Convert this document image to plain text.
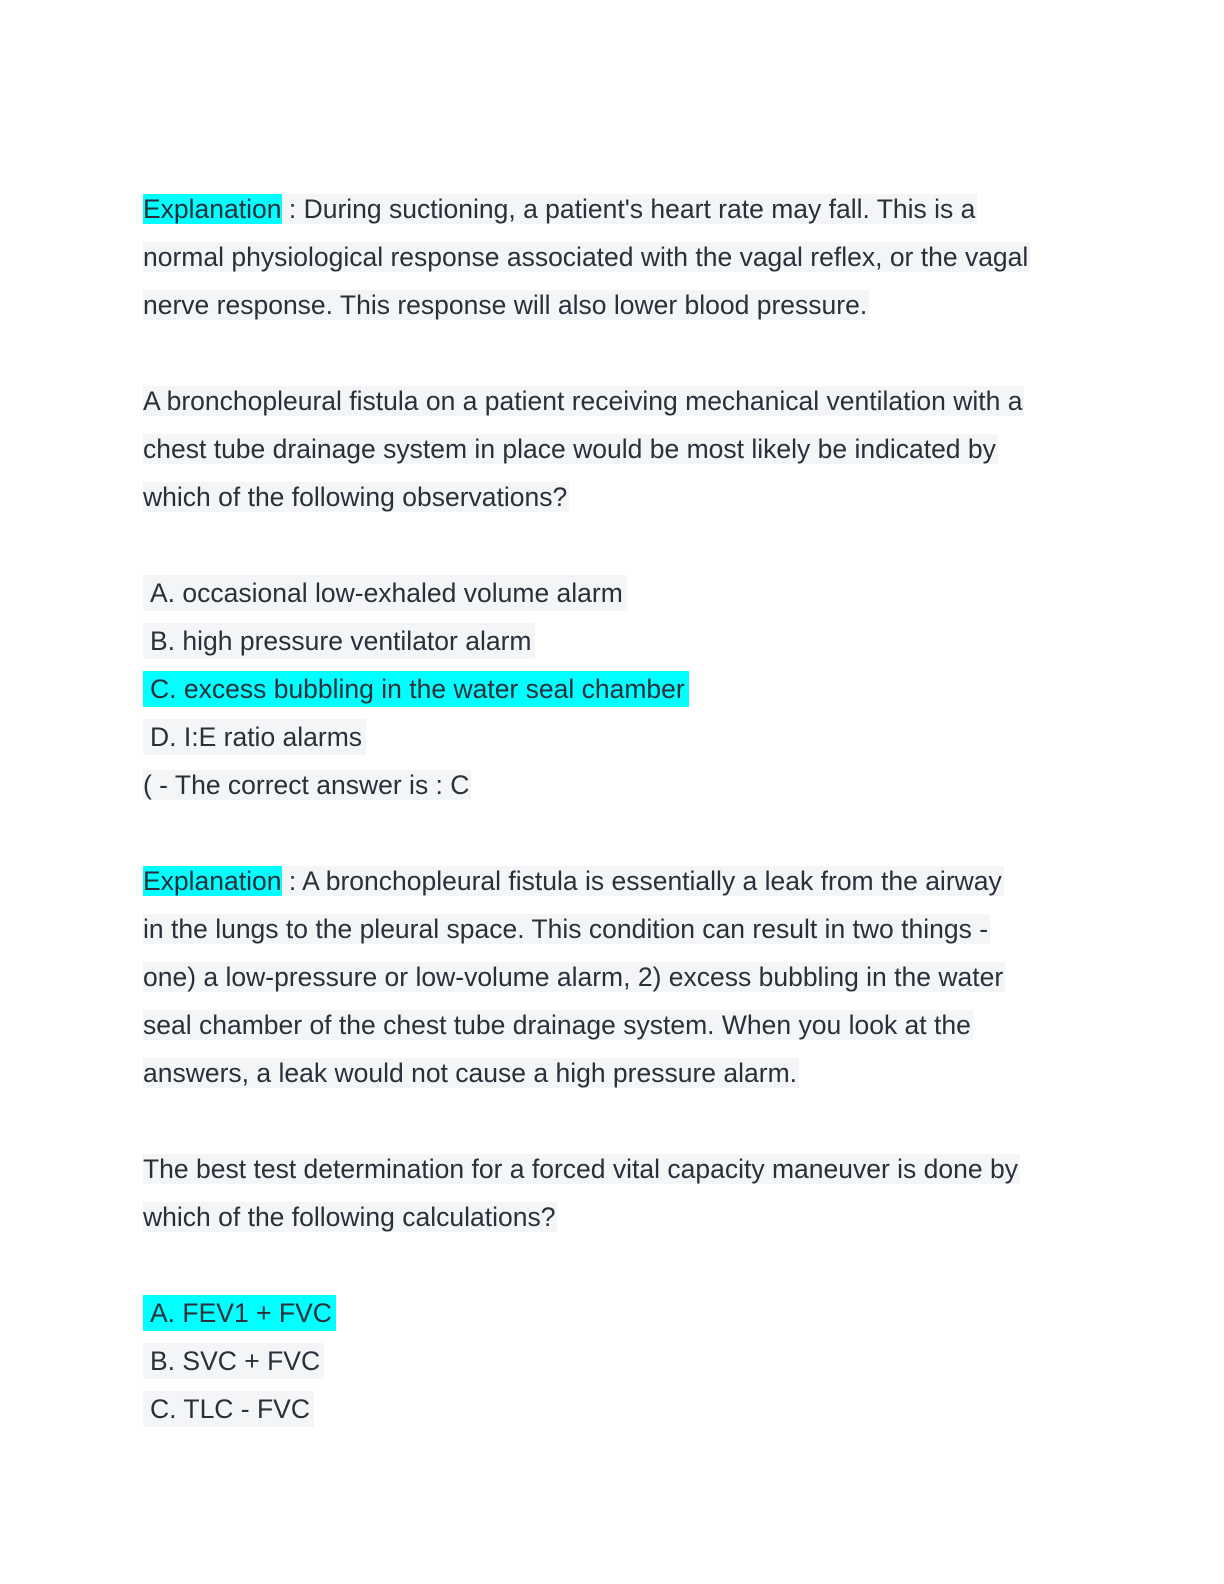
Explanation : During suctioning, a patient's heart rate may fall. This is a
normal physiological response associated with the vagal reflex, or the vagal
nerve response. This response will also lower blood pressure.
A bronchopleural fistula on a patient receiving mechanical ventilation with a
chest tube drainage system in place would be most likely be indicated by
which of the following observations?
A. occasional low-exhaled volume alarm
B. high pressure ventilator alarm
C. excess bubbling in the water seal chamber
D. I:E ratio alarms
( - The correct answer is : C
Explanation : A bronchopleural fistula is essentially a leak from the airway
in the lungs to the pleural space. This condition can result in two things -
one) a low-pressure or low-volume alarm, 2) excess bubbling in the water
seal chamber of the chest tube drainage system. When you look at the
answers, a leak would not cause a high pressure alarm.
The best test determination for a forced vital capacity maneuver is done by
which of the following calculations?
A. FEV1 + FVC
B. SVC + FVC
C. TLC - FVC
